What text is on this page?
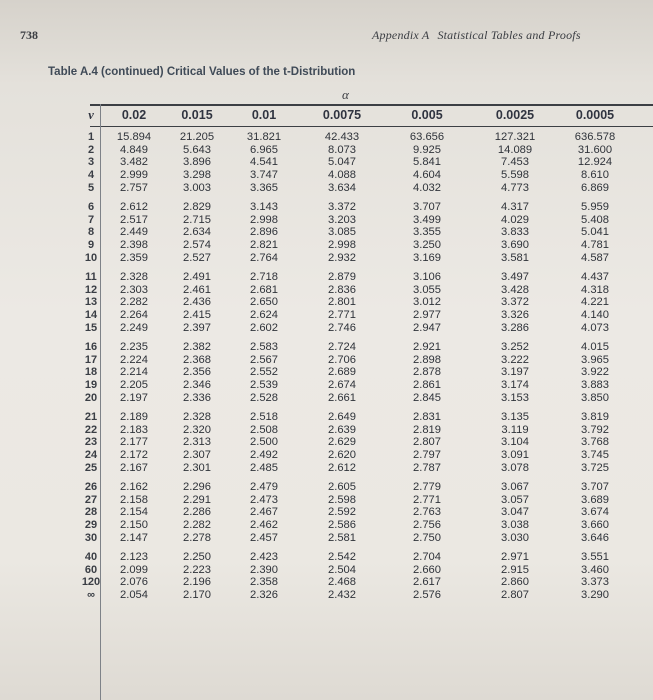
738	Appendix A Statistical Tables and Proofs
Table A.4 (continued) Critical Values of the t-Distribution
α
v	0.02	0.015	0.01	0.0075	0.005	0.0025	0.0005
1	15.894	21.205	31.821	42.433	63.656	127.321	636.578
2	4.849	5.643	6.965	8.073	9.925	14.089	31.600
3	3.482	3.896	4.541	5.047	5.841	7.453	12.924
4	2.999	3.298	3.747	4.088	4.604	5.598	8.610
5	2.757	3.003	3.365	3.634	4.032	4.773	6.869
6	2.612	2.829	3.143	3.372	3.707	4.317	5.959
7	2.517	2.715	2.998	3.203	3.499	4.029	5.408
8	2.449	2.634	2.896	3.085	3.355	3.833	5.041
9	2.398	2.574	2.821	2.998	3.250	3.690	4.781
10	2.359	2.527	2.764	2.932	3.169	3.581	4.587
11	2.328	2.491	2.718	2.879	3.106	3.497	4.437
12	2.303	2.461	2.681	2.836	3.055	3.428	4.318
13	2.282	2.436	2.650	2.801	3.012	3.372	4.221
14	2.264	2.415	2.624	2.771	2.977	3.326	4.140
15	2.249	2.397	2.602	2.746	2.947	3.286	4.073
16	2.235	2.382	2.583	2.724	2.921	3.252	4.015
17	2.224	2.368	2.567	2.706	2.898	3.222	3.965
18	2.214	2.356	2.552	2.689	2.878	3.197	3.922
19	2.205	2.346	2.539	2.674	2.861	3.174	3.883
20	2.197	2.336	2.528	2.661	2.845	3.153	3.850
21	2.189	2.328	2.518	2.649	2.831	3.135	3.819
22	2.183	2.320	2.508	2.639	2.819	3.119	3.792
23	2.177	2.313	2.500	2.629	2.807	3.104	3.768
24	2.172	2.307	2.492	2.620	2.797	3.091	3.745
25	2.167	2.301	2.485	2.612	2.787	3.078	3.725
26	2.162	2.296	2.479	2.605	2.779	3.067	3.707
27	2.158	2.291	2.473	2.598	2.771	3.057	3.689
28	2.154	2.286	2.467	2.592	2.763	3.047	3.674
29	2.150	2.282	2.462	2.586	2.756	3.038	3.660
30	2.147	2.278	2.457	2.581	2.750	3.030	3.646
40	2.123	2.250	2.423	2.542	2.704	2.971	3.551
60	2.099	2.223	2.390	2.504	2.660	2.915	3.460
120	2.076	2.196	2.358	2.468	2.617	2.860	3.373
∞	2.054	2.170	2.326	2.432	2.576	2.807	3.290
